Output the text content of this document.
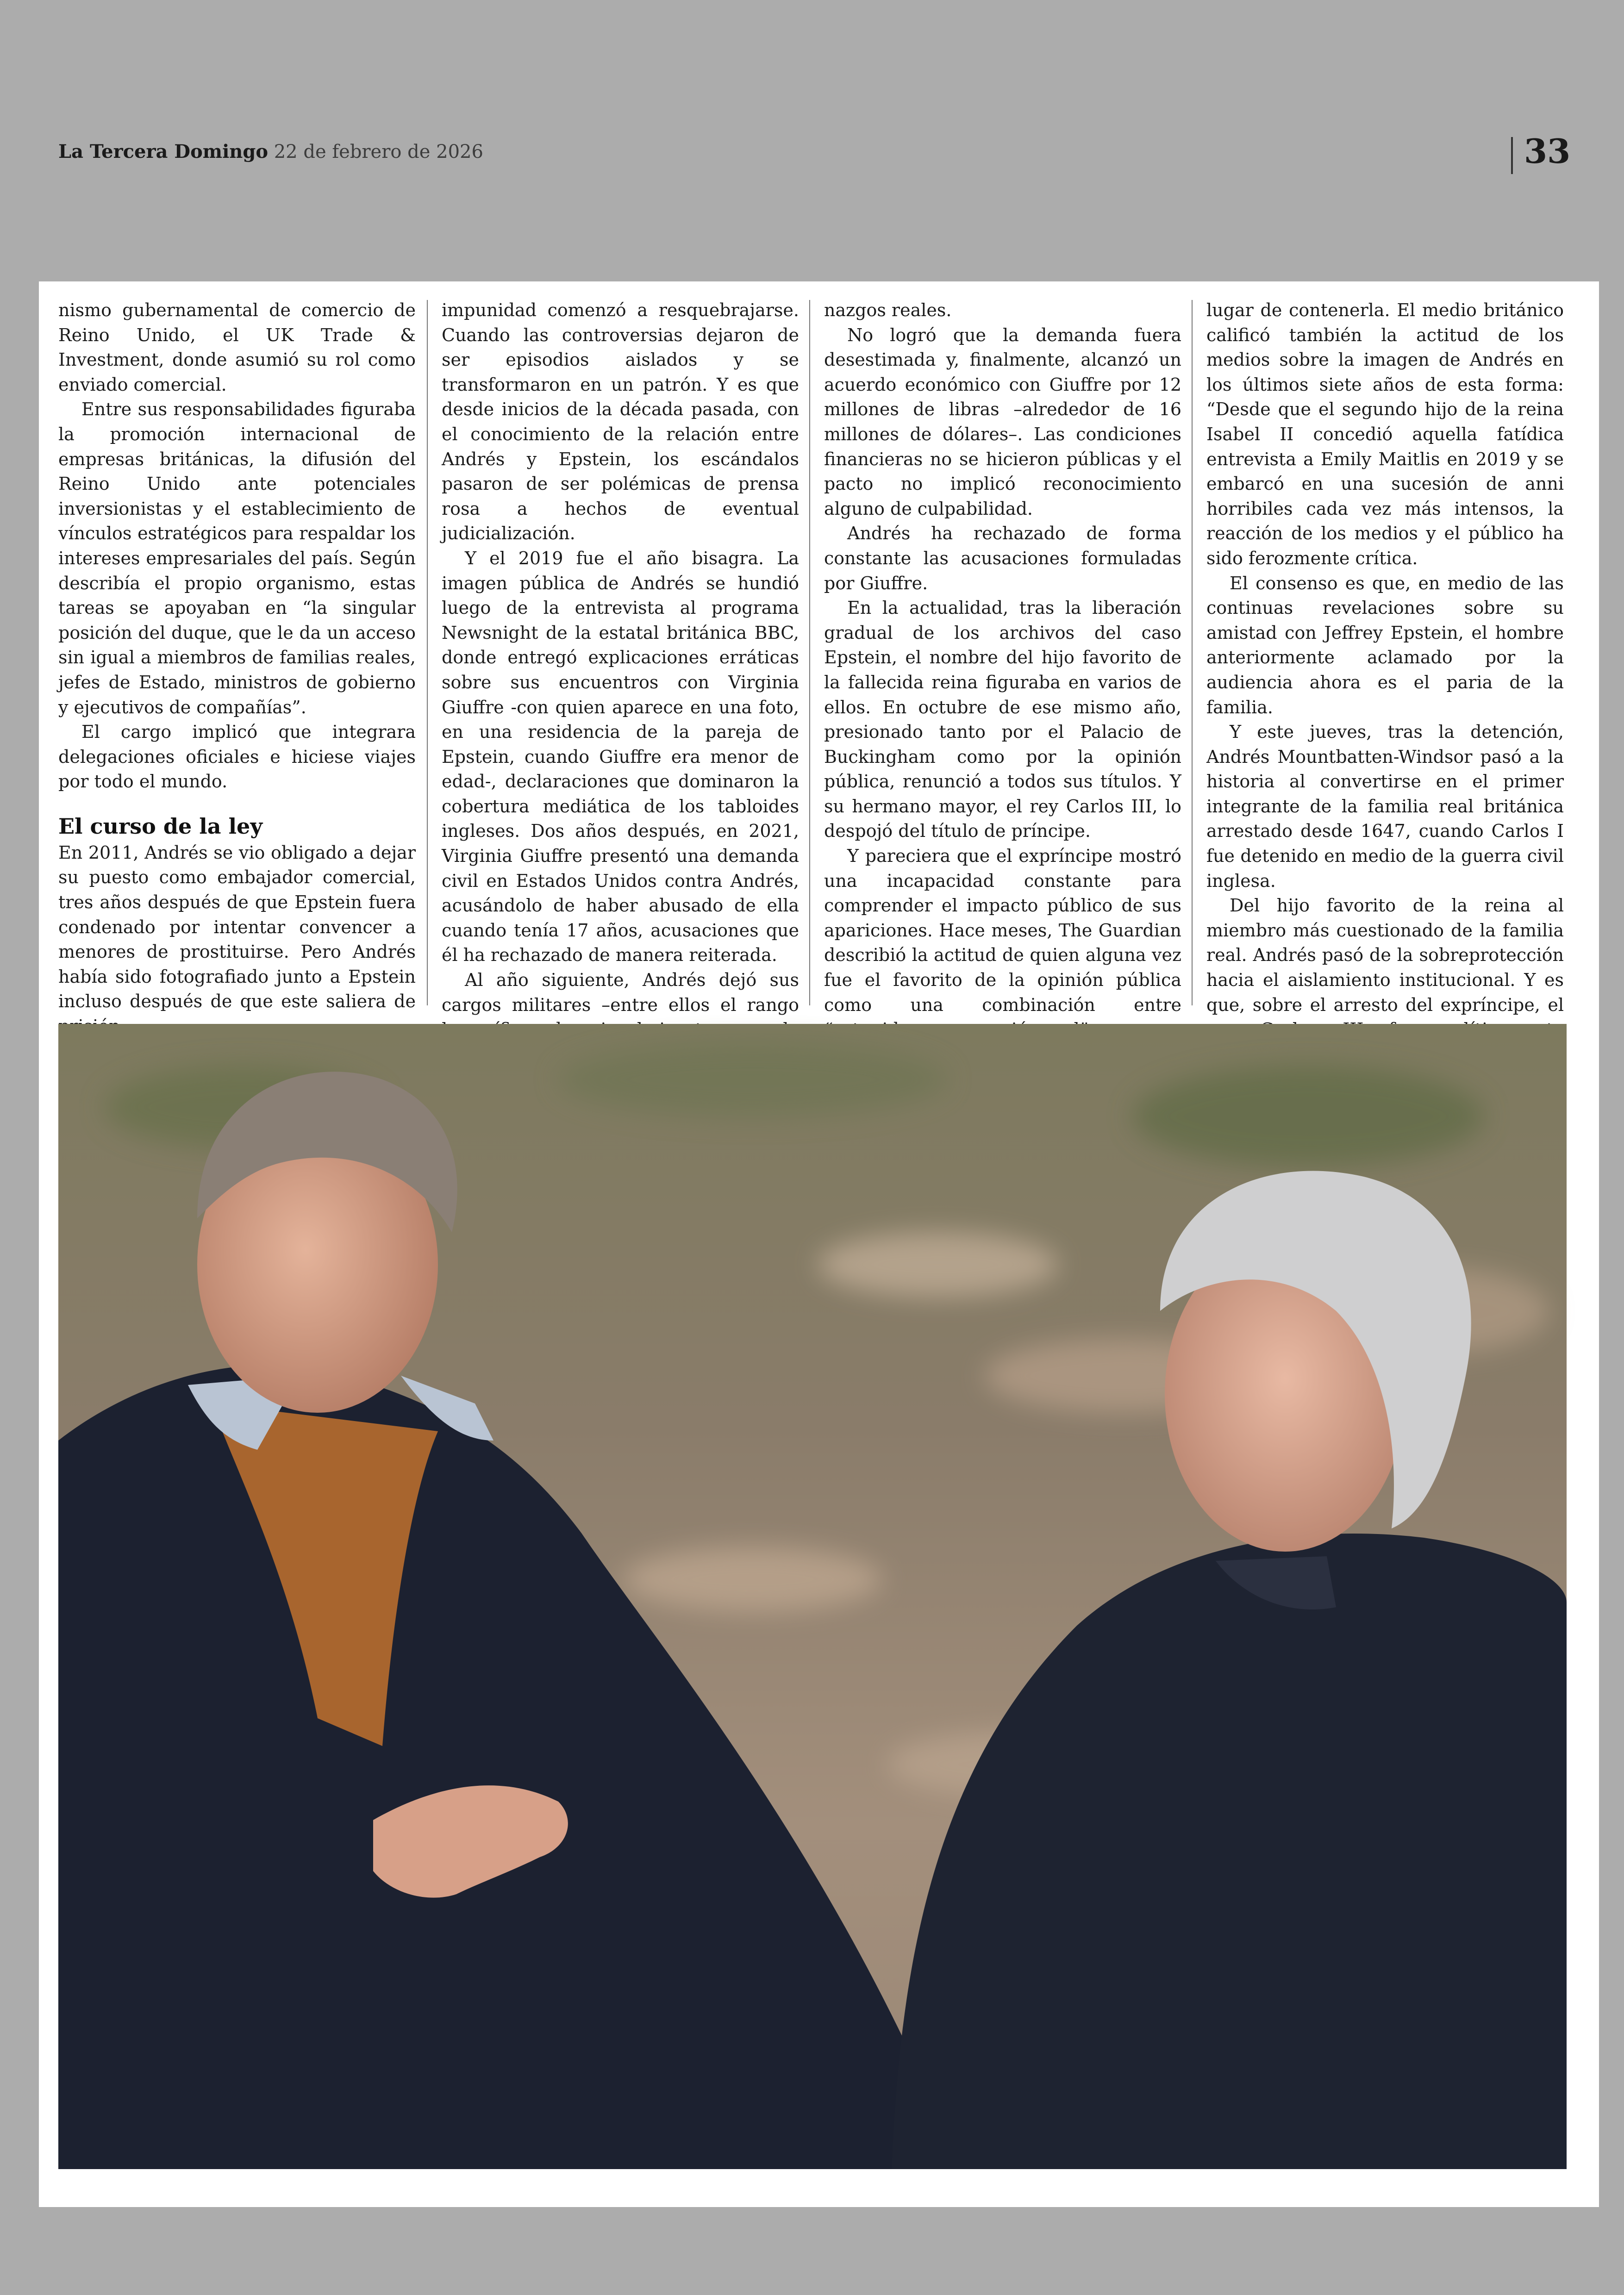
La Tercera Domingo 22 de febrero de 2026	33

nismo gubernamental de comercio de Reino Unido, el UK Trade & Investment, donde asumió su rol como enviado comercial.

Entre sus responsabilidades figuraba la promoción internacional de empresas británicas, la difusión del Reino Unido ante potenciales inversionistas y el establecimiento de vínculos estratégicos para respaldar los intereses empresariales del país. Según describía el propio organismo, estas tareas se apoyaban en “la singular posición del duque, que le da un acceso sin igual a miembros de familias reales, jefes de Estado, ministros de gobierno y ejecutivos de compañías”.

El cargo implicó que integrara delegaciones oficiales e hiciese viajes por todo el mundo.

El curso de la ley

En 2011, Andrés se vio obligado a dejar su puesto como embajador comercial, tres años después de que Epstein fuera condenado por intentar convencer a menores de prostituirse. Pero Andrés había sido fotografiado junto a Epstein incluso después de que este saliera de

impunidad comenzó a resquebrajarse. Cuando las controversias dejaron de ser episodios aislados y se transformaron en un patrón. Y es que desde inicios de la década pasada, con el conocimiento de la relación entre Andrés y Epstein, los escándalos pasaron de ser polémicas de prensa rosa a hechos de eventual judicialización.

Y el 2019 fue el año bisagra. La imagen pública de Andrés se hundió luego de la entrevista al programa Newsnight de la estatal británica BBC, donde entregó explicaciones erráticas sobre sus encuentros con Virginia Giuffre -con quien aparece en una foto, en una residencia de la pareja de Epstein, cuando Giuffre era menor de edad-, declaraciones que dominaron la cobertura mediática de los tabloides ingleses. Dos años después, en 2021, Virginia Giuffre presentó una demanda civil en Estados Unidos contra Andrés, acusándolo de haber abusado de ella cuando tenía 17 años, acusaciones que él ha rechazado de manera reiterada.

Al año siguiente, Andrés dejó sus cargos militares –entre ellos el rango

nazgos reales.

No logró que la demanda fuera desestimada y, finalmente, alcanzó un acuerdo económico con Giuffre por 12 millones de libras –alrededor de 16 millones de dólares–. Las condiciones financieras no se hicieron públicas y el pacto no implicó reconocimiento alguno de culpabilidad.

Andrés ha rechazado de forma constante las acusaciones formuladas por Giuffre.

En la actualidad, tras la liberación gradual de los archivos del caso Epstein, el nombre del hijo favorito de la fallecida reina figuraba en varios de ellos. En octubre de ese mismo año, presionado tanto por el Palacio de Buckingham como por la opinión pública, renunció a todos sus títulos. Y su hermano mayor, el rey Carlos III, lo despojó del título de príncipe.

Y pareciera que el expríncipe mostró una incapacidad constante para comprender el impacto público de sus apariciones. Hace meses, The Guardian describió la actitud de quien alguna vez fue el favorito de la opinión pública como una combinación entre

lugar de contenerla. El medio británico calificó también la actitud de los medios sobre la imagen de Andrés en los últimos siete años de esta forma: “Desde que el segundo hijo de la reina Isabel II concedió aquella fatídica entrevista a Emily Maitlis en 2019 y se embarcó en una sucesión de anni horribiles cada vez más intensos, la reacción de los medios y el público ha sido ferozmente crítica.

El consenso es que, en medio de las continuas revelaciones sobre su amistad con Jeffrey Epstein, el hombre anteriormente aclamado por la audiencia ahora es el paria de la familia.

Y este jueves, tras la detención, Andrés Mountbatten-Windsor pasó a la historia al convertirse en el primer integrante de la familia real británica arrestado desde 1647, cuando Carlos I fue detenido en medio de la guerra civil inglesa.

Del hijo favorito de la reina al miembro más cuestionado de la familia real. Andrés pasó de la sobreprotección hacia el aislamiento institucional. Y es que, sobre el arresto del expríncipe, el
